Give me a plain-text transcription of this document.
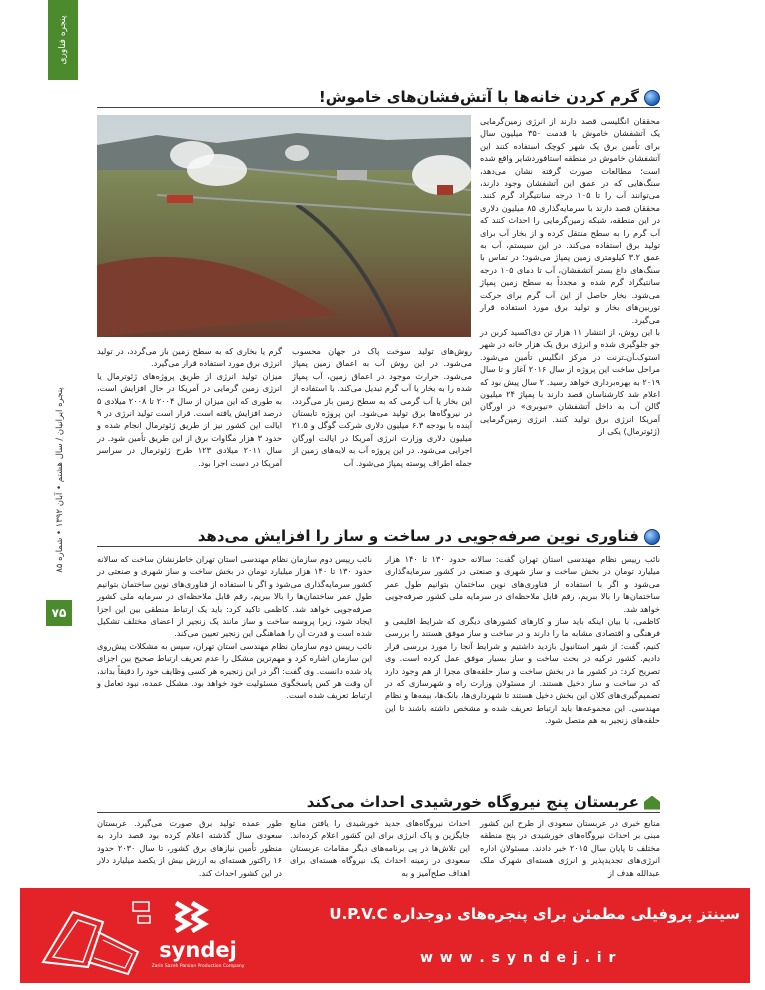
پنجره فناوری
پنجره ایرانیان / سال هشتم • آبان ۱۳۹۲ • شماره ۸۵
۷۵
گرم کردن خانه‌ها با آتش‌فشان‌های خاموش!
محققان انگلیسی قصد دارند از انرژی زمین‌گرمایی یک آتشفشان خاموش با قدمت ۳۵۰ میلیون سال برای تأمین برق یک شهر کوچک استفاده کنند این آتشفشان خاموش در منطقه استافوردشایر واقع شده است؛ مطالعات صورت گرفته نشان می‌دهد، سنگ‌هایی که در عمق این آتشفشان وجود دارند، می‌توانند آب را تا ۱۰۵ درجه سانتیگراد گرم کنند. محققان قصد دارند با سرمایه‌گذاری ۸۵ میلیون دلاری در این منطقه، شبکه زمین‌گرمایی را احداث کنند که آب گرم را به سطح منتقل کرده و از بخار آب برای تولید برق استفاده می‌کند. در این سیستم، آب به عمق ۳.۲ کیلومتری زمین پمپاژ می‌شود؛ در تماس با سنگ‌های داغ بستر آتشفشان، آب تا دمای ۱۰۵ درجه سانتیگراد گرم شده و مجدداً به سطح زمین پمپاژ می‌شود. بخار حاصل از این آب گرم برای حرکت توربین‌های بخار و تولید برق مورد استفاده قرار می‌گیرد.
با این روش، از انتشار ۱۱ هزار تن دی‌اکسید کربن در جو جلوگیری شده و انرژی برق یک هزار خانه در شهر استوک‌ـ‌آن‌ـ‌ترنت در مرکز انگلیس تأمین می‌شود. مراحل ساخت این پروژه از سال ۲۰۱۶ آغاز و تا سال ۲۰۱۹ به بهره‌برداری خواهد رسید. ۲ سال پیش بود که اعلام شد کارشناسان قصد دارند با پمپاژ ۲۴ میلیون گالن آب به داخل آتشفشان «نیوبری» در اورگان آمریکا انرژی برق تولید کنند. انرژی زمین‌گرمایی (ژئوترمال) یکی از
روش‌های تولید سوخت پاک در جهان محسوب می‌شود. در این روش آب به اعماق زمین پمپاژ می‌شود. حرارت موجود در اعماق زمین، آب پمپاژ شده را به بخار یا آب گرم تبدیل می‌کند. با استفاده از این بخار یا آب گرمی که به سطح زمین باز می‌گردد، در نیروگاه‌ها برق تولید می‌شود. این پروژه تابستان آینده با بودجه ۶.۳ میلیون دلاری شرکت گوگل و ۲۱.۵ میلیون دلاری وزارت انرژی آمریکا در ایالت اورگان اجرایی می‌شود. در این پروژه آب به لایه‌های زمین از جمله اطراف پوسته پمپاژ می‌شود. آب
گرم یا بخاری که به سطح زمین باز می‌گردد، در تولید انرژی برق مورد استفاده قرار می‌گیرد.
میزان تولید انرژی از طریق پروژه‌های ژئوترمال یا انرژی زمین گرمایی در آمریکا در حال افزایش است، به طوری که این میزان از سال ۲۰۰۴ تا ۲۰۰۸ میلادی ۵ درصد افزایش یافته است. قرار است تولید انرژی در ۹ ایالت این کشور نیز از طریق ژئوترمال انجام شده و حدود ۳ هزار مگاوات برق از این طریق تأمین شود. در سال ۲۰۱۱ میلادی ۱۲۳ طرح ژئوترمال در سراسر آمریکا در دست اجرا بود.
فناوری نوین صرفه‌جویی در ساخت و ساز را افزایش می‌دهد
نائب رییس نظام مهندسی استان تهران گفت: سالانه حدود ۱۳۰ تا ۱۴۰ هزار میلیارد تومان در بخش ساخت و ساز شهری و صنعتی در کشور سرمایه‌گذاری می‌شود و اگر با استفاده از فناوری‌های نوین ساختمان بتوانیم طول عمر ساختمان‌ها را بالا ببریم، رقم قابل ملاحظه‌ای در سرمایه ملی کشور صرفه‌جویی خواهد شد.
کاظمی، با بیان اینکه باید ساز و کارهای کشورهای دیگری که شرایط اقلیمی و فرهنگی و اقتصادی مشابه ما را دارند و در ساخت و ساز موفق هستند را بررسی کنیم، گفت: از شهر استانبول بازدید داشتیم و شرایط آنجا را مورد بررسی قرار دادیم. کشور ترکیه در بحث ساخت و ساز بسیار موفق عمل کرده است. وی تصریح کرد: در کشور ما در بخش ساخت و ساز حلقه‌های مجزا از هم وجود دارد که در ساخت و ساز دخیل هستند. از مسئولان وزارت راه و شهرسازی که در تصمیم‌گیری‌های کلان این بخش دخیل هستند تا شهرداری‌ها، بانک‌ها، بیمه‌ها و نظام مهندسی. این مجموعه‌ها باید ارتباط تعریف شده و مشخص داشته باشند تا این حلقه‌های زنجیر به هم متصل شود.
نائب رییس دوم سازمان نظام مهندسی استان تهران خاطرنشان ساخت که سالانه حدود ۱۳۰ تا ۱۴۰ هزار میلیارد تومان در بخش ساخت و ساز شهری و صنعتی در کشور سرمایه‌گذاری می‌شود و اگر با استفاده از فناوری‌های نوین ساختمان بتوانیم طول عمر ساختمان‌ها را بالا ببریم، رقم قابل ملاحظه‌ای در سرمایه ملی کشور صرفه‌جویی خواهد شد. کاظمی تاکید کرد: باید یک ارتباط منطقی بین این اجزا ایجاد شود، زیرا پروسه ساخت و ساز مانند یک زنجیر از اعضای مختلف تشکیل شده است و قدرت آن را هماهنگی این زنجیر تعیین می‌کند.
نائب رییس دوم سازمان نظام مهندسی استان تهران، سپس به مشکلات پیش‌روی این سازمان اشاره کرد و مهم‌ترین مشکل را عدم تعریف ارتباط صحیح بین اجزای یاد شده دانست. وی گفت: اگر در این زنجیره هر کسی وظایف خود را دقیقاً بداند، آن وقت هر کس پاسخگوی مسئولیت خود خواهد بود. مشکل عمده، نبود تعامل و ارتباط تعریف شده است.
عربستان پنج نیروگاه خورشیدی احداث می‌کند
منابع خبری در عربستان سعودی از طرح این کشور مبنی بر احداث نیروگاه‌های خورشیدی در پنج منطقه مختلف تا پایان سال ۲۰۱۵ خبر دادند. مسئولان اداره انرژی‌های تجدیدپذیر و انرژی هسته‌ای شهرک ملک عبدالله هدف از
احداث نیروگاه‌های جدید خورشیدی را یافتن منابع جایگزین و پاک انرژی برای این کشور اعلام کرده‌اند. این تلاش‌ها در پی برنامه‌های دیگر مقامات عربستان سعودی در زمینه احداث یک نیروگاه هسته‌ای برای اهداف صلح‌آمیز و به
طور عمده تولید برق صورت می‌گیرد. عربستان سعودی سال گذشته اعلام کرده بود قصد دارد به منظور تأمین نیازهای برق کشور، تا سال ۲۰۳۰ حدود ۱۶ راکتور هسته‌ای به ارزش بیش از یکصد میلیارد دلار در این کشور احداث کند.
syndej
Zarin Sazeh Parsian Production Company
سینتز پروفیلی مطمئن برای پنجره‌های دوجداره U.P.V.C
w w w . s y n d e j . i r
